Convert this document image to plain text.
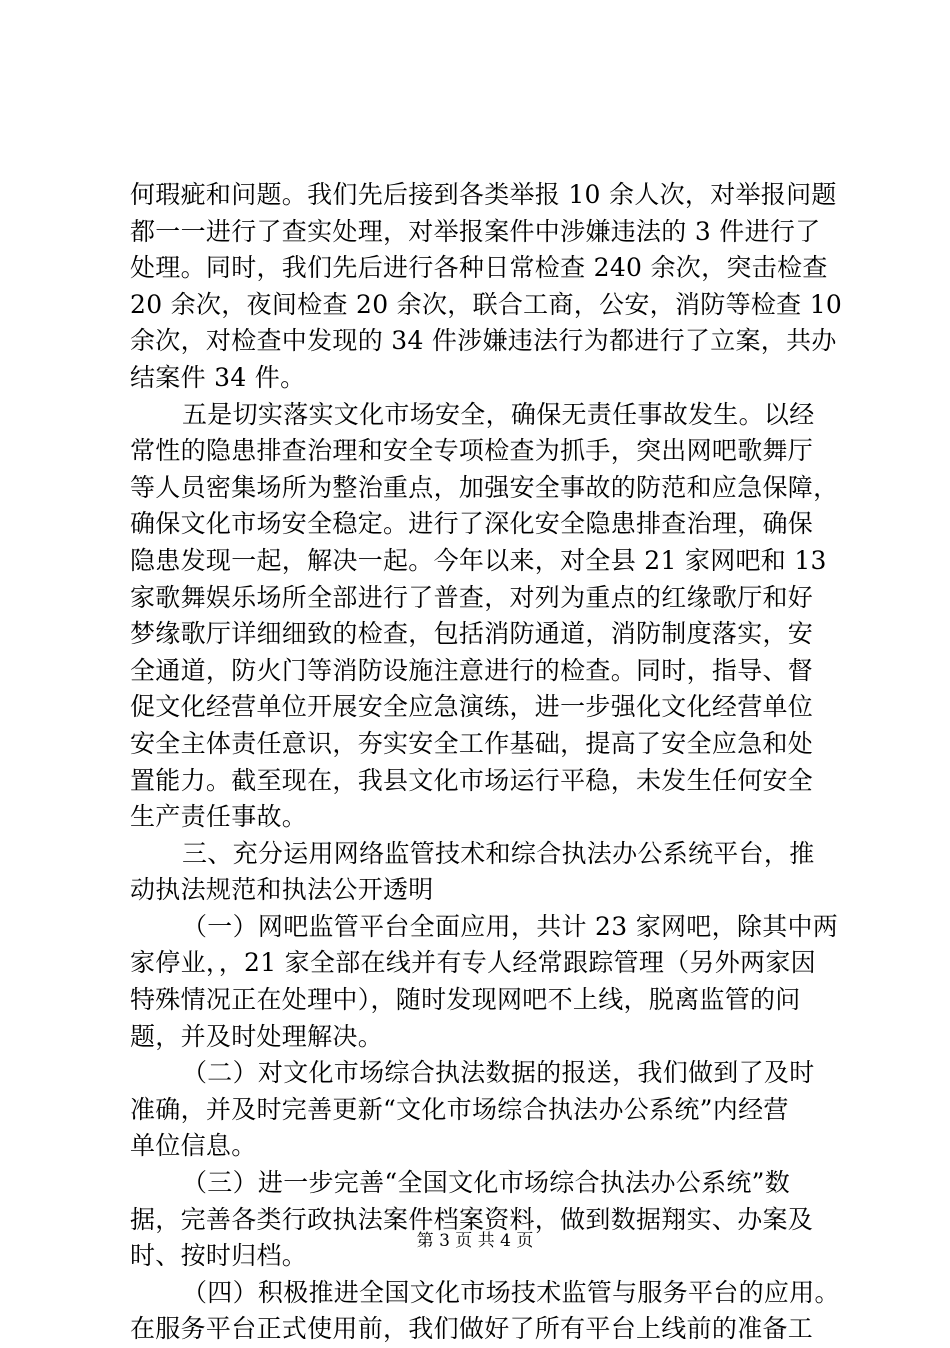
何瑕疵和问题。我们先后接到各类举报 10 余人次，对举报问题
都一一进行了查实处理，对举报案件中涉嫌违法的 3 件进行了
处理。同时，我们先后进行各种日常检查 240 余次，突击检查
20 余次，夜间检查 20 余次，联合工商，公安，消防等检查 10
余次，对检查中发现的 34 件涉嫌违法行为都进行了立案，共办
结案件 34 件。
五是切实落实文化市场安全，确保无责任事故发生。以经
常性的隐患排查治理和安全专项检查为抓手，突出网吧歌舞厅
等人员密集场所为整治重点，加强安全事故的防范和应急保障，
确保文化市场安全稳定。进行了深化安全隐患排查治理，确保
隐患发现一起，解决一起。今年以来，对全县 21 家网吧和 13
家歌舞娱乐场所全部进行了普查，对列为重点的红缘歌厅和好
梦缘歌厅详细细致的检查，包括消防通道，消防制度落实，安
全通道，防火门等消防设施注意进行的检查。同时，指导、督
促文化经营单位开展安全应急演练，进一步强化文化经营单位
安全主体责任意识，夯实安全工作基础，提高了安全应急和处
置能力。截至现在，我县文化市场运行平稳，未发生任何安全
生产责任事故。
三、充分运用网络监管技术和综合执法办公系统平台，推
动执法规范和执法公开透明
（一）网吧监管平台全面应用，共计 23 家网吧，除其中两
家停业，，21 家全部在线并有专人经常跟踪管理（另外两家因
特殊情况正在处理中），随时发现网吧不上线，脱离监管的问
题，并及时处理解决。
（二）对文化市场综合执法数据的报送，我们做到了及时
准确，并及时完善更新“文化市场综合执法办公系统”内经营
单位信息。
（三）进一步完善“全国文化市场综合执法办公系统”数
据，完善各类行政执法案件档案资料，做到数据翔实、办案及
时、按时归档。
（四）积极推进全国文化市场技术监管与服务平台的应用。
在服务平台正式使用前，我们做好了所有平台上线前的准备工
第 3 页 共 4 页
